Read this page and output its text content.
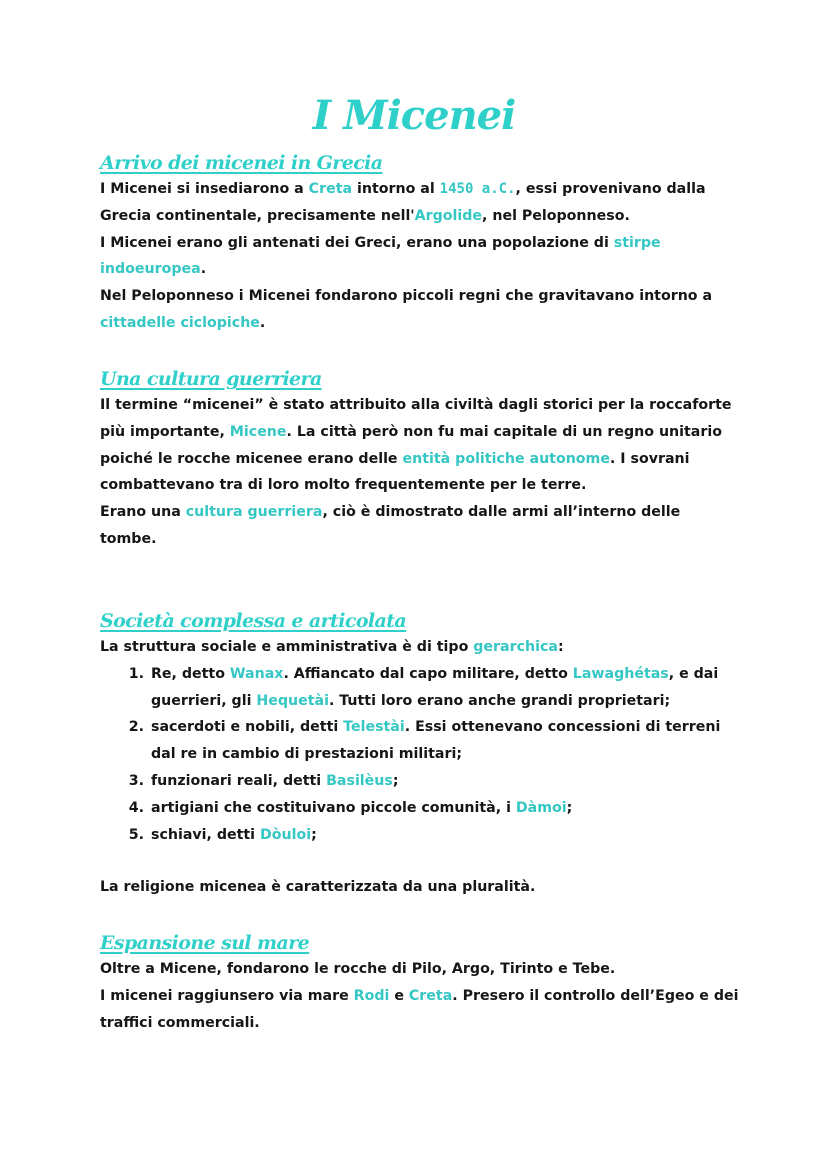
I Micenei
Arrivo dei micenei in Grecia

I Micenei si insediarono a Creta intorno al 1450 a.C., essi provenivano dalla Grecia continentale, precisamente nell'Argolide, nel Peloponneso.

I Micenei erano gli antenati dei Greci, erano una popolazione di stirpe indoeuropea.

Nel Peloponneso i Micenei fondarono piccoli regni che gravitavano intorno a cittadelle ciclopiche.

Una cultura guerriera

Il termine “micenei” è stato attribuito alla civiltà dagli storici per la roccaforte più importante, Micene. La città però non fu mai capitale di un regno unitario poiché le rocche micenee erano delle entità politiche autonome. I sovrani combattevano tra di loro molto frequentemente per le terre.

Erano una cultura guerriera, ciò è dimostrato dalle armi all’interno delle tombe.

Società complessa e articolata

La struttura sociale e amministrativa è di tipo gerarchica:

1. Re, detto Wanax. Affiancato dal capo militare, detto Lawaghétas, e dai guerrieri, gli Hequetài. Tutti loro erano anche grandi proprietari;
2. sacerdoti e nobili, detti Telestài. Essi ottenevano concessioni di terreni dal re in cambio di prestazioni militari;
3. funzionari reali, detti Basilèus;
4. artigiani che costituivano piccole comunità, i Dàmoi;
5. schiavi, detti Dòuloi;

La religione micenea è caratterizzata da una pluralità.

Espansione sul mare

Oltre a Micene, fondarono le rocche di Pilo, Argo, Tirinto e Tebe.

I micenei raggiunsero via mare Rodi e Creta. Presero il controllo dell’Egeo e dei traffici commerciali.
